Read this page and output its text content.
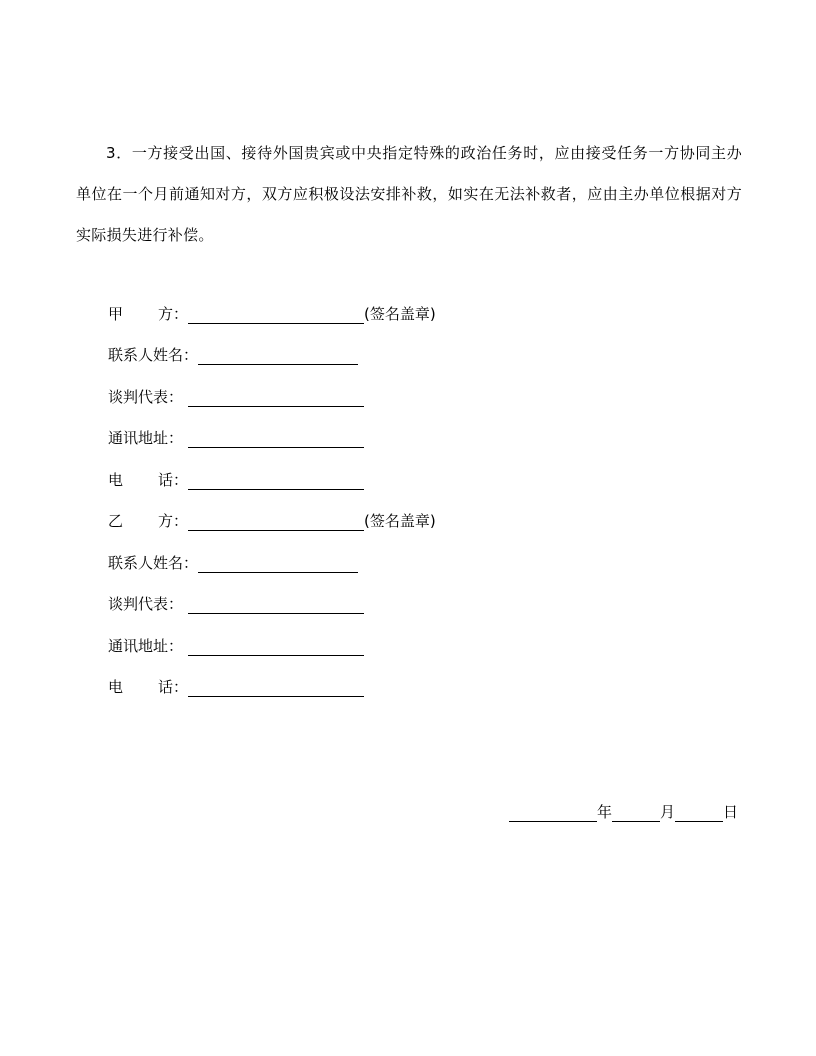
3．一方接受出国、接待外国贵宾或中央指定特殊的政治任务时，应由接受任务一方协同主办单位在一个月前通知对方，双方应积极设法安排补救，如实在无法补救者，应由主办单位根据对方实际损失进行补偿。
甲 方：	(签名盖章)
联系人姓名：
谈判代表：
通讯地址：
电 话：
乙 方：	(签名盖章)
联系人姓名：
谈判代表：
通讯地址：
电 话：
年	月	日
